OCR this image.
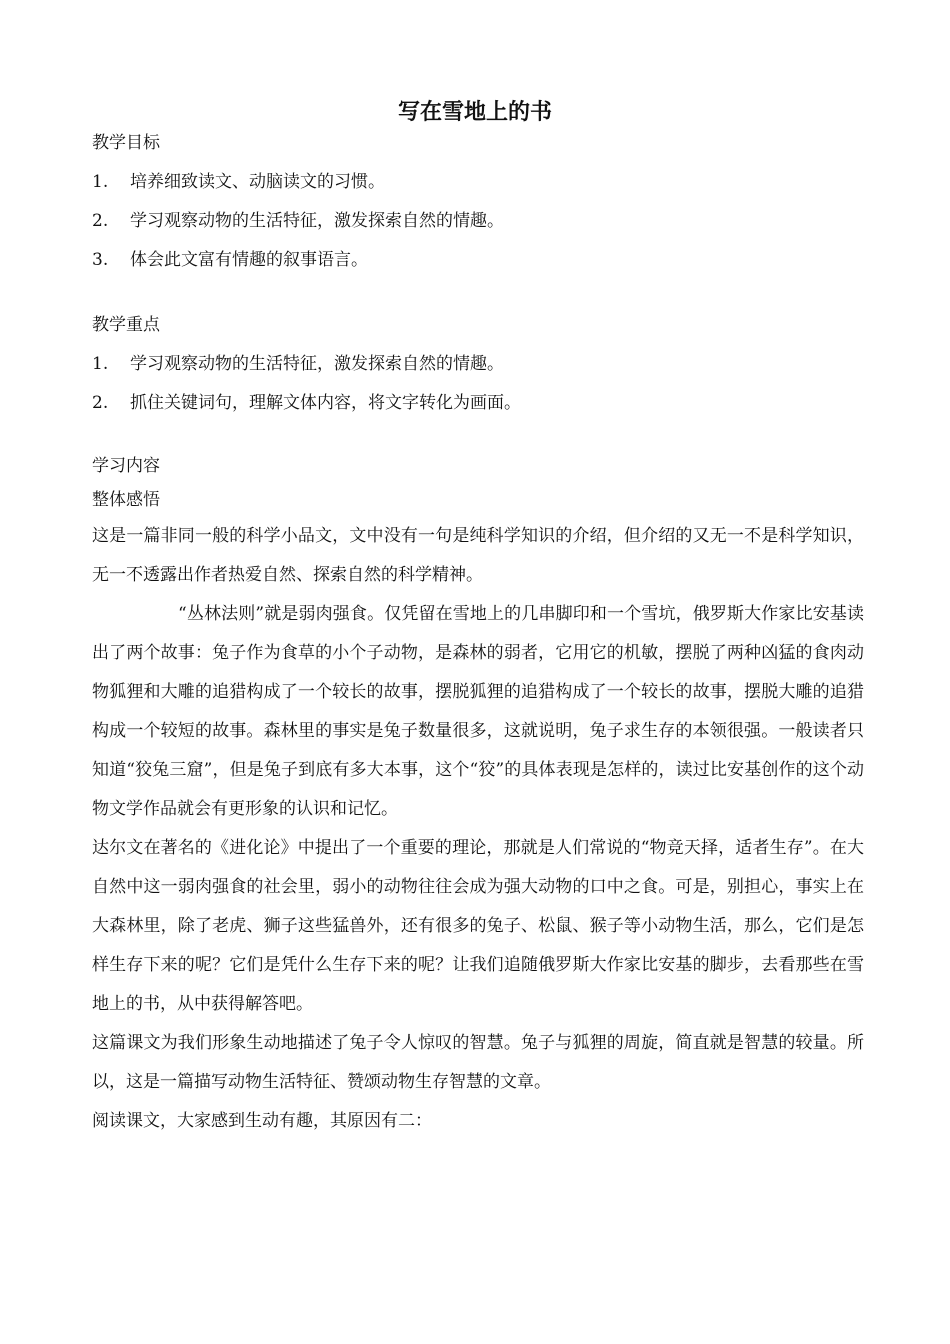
写在雪地上的书
教学目标
1. 培养细致读文、动脑读文的习惯。
2. 学习观察动物的生活特征，激发探索自然的情趣。
3. 体会此文富有情趣的叙事语言。
教学重点
1. 学习观察动物的生活特征，激发探索自然的情趣。
2. 抓住关键词句，理解文体内容，将文字转化为画面。
学习内容
整体感悟
这是一篇非同一般的科学小品文，文中没有一句是纯科学知识的介绍，但介绍的又无一不是科学知识，无一不透露出作者热爱自然、探索自然的科学精神。
“丛林法则”就是弱肉强食。仅凭留在雪地上的几串脚印和一个雪坑，俄罗斯大作家比安基读出了两个故事：兔子作为食草的小个子动物，是森林的弱者，它用它的机敏，摆脱了两种凶猛的食肉动物狐狸和大雕的追猎构成了一个较长的故事，摆脱狐狸的追猎构成了一个较长的故事，摆脱大雕的追猎构成一个较短的故事。森林里的事实是兔子数量很多，这就说明，兔子求生存的本领很强。一般读者只知道“狡兔三窟”，但是兔子到底有多大本事，这个“狡”的具体表现是怎样的，读过比安基创作的这个动物文学作品就会有更形象的认识和记忆。
达尔文在著名的《进化论》中提出了一个重要的理论，那就是人们常说的“物竞天择，适者生存”。在大自然中这一弱肉强食的社会里，弱小的动物往往会成为强大动物的口中之食。可是，别担心，事实上在大森林里，除了老虎、狮子这些猛兽外，还有很多的兔子、松鼠、猴子等小动物生活，那么，它们是怎样生存下来的呢？它们是凭什么生存下来的呢？让我们追随俄罗斯大作家比安基的脚步，去看那些在雪地上的书，从中获得解答吧。
这篇课文为我们形象生动地描述了兔子令人惊叹的智慧。兔子与狐狸的周旋，简直就是智慧的较量。所以，这是一篇描写动物生活特征、赞颂动物生存智慧的文章。
阅读课文，大家感到生动有趣，其原因有二：
